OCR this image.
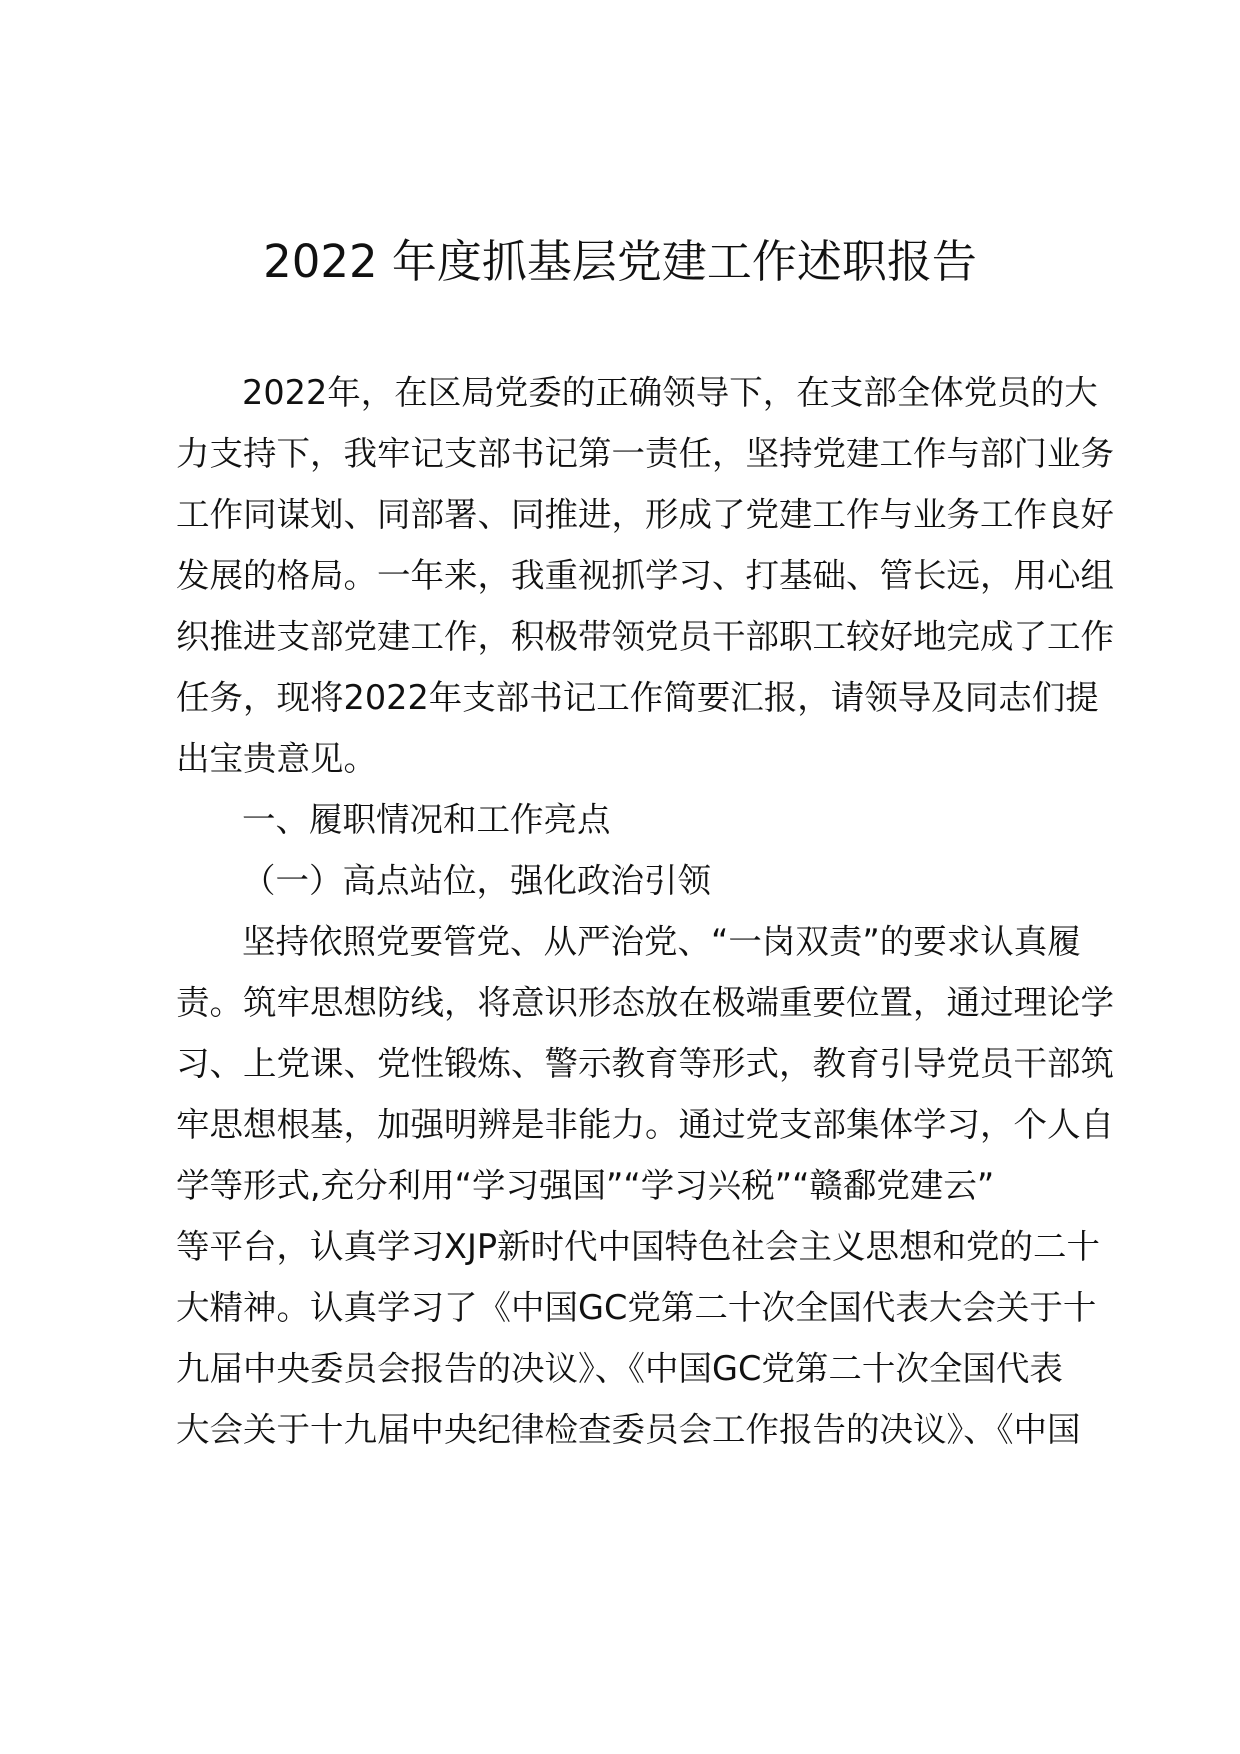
2022 年度抓基层党建工作述职报告
2022年，在区局党委的正确领导下，在支部全体党员的大
力支持下，我牢记支部书记第一责任，坚持党建工作与部门业务
工作同谋划、同部署、同推进，形成了党建工作与业务工作良好
发展的格局。一年来，我重视抓学习、打基础、管长远，用心组
织推进支部党建工作，积极带领党员干部职工较好地完成了工作
任务，现将2022年支部书记工作简要汇报，请领导及同志们提
出宝贵意见。
一、履职情况和工作亮点
（一）高点站位，强化政治引领
坚持依照党要管党、从严治党、“一岗双责”的要求认真履
责。筑牢思想防线，将意识形态放在极端重要位置，通过理论学
习、上党课、党性锻炼、警示教育等形式，教育引导党员干部筑
牢思想根基，加强明辨是非能力。通过党支部集体学习，个人自
学等形式,充分利用“学习强国”“学习兴税”“赣鄱党建云”
等平台，认真学习XJP新时代中国特色社会主义思想和党的二十
大精神。认真学习了《中国GC党第二十次全国代表大会关于十
九届中央委员会报告的决议》、《中国GC党第二十次全国代表
大会关于十九届中央纪律检查委员会工作报告的决议》、《中国
